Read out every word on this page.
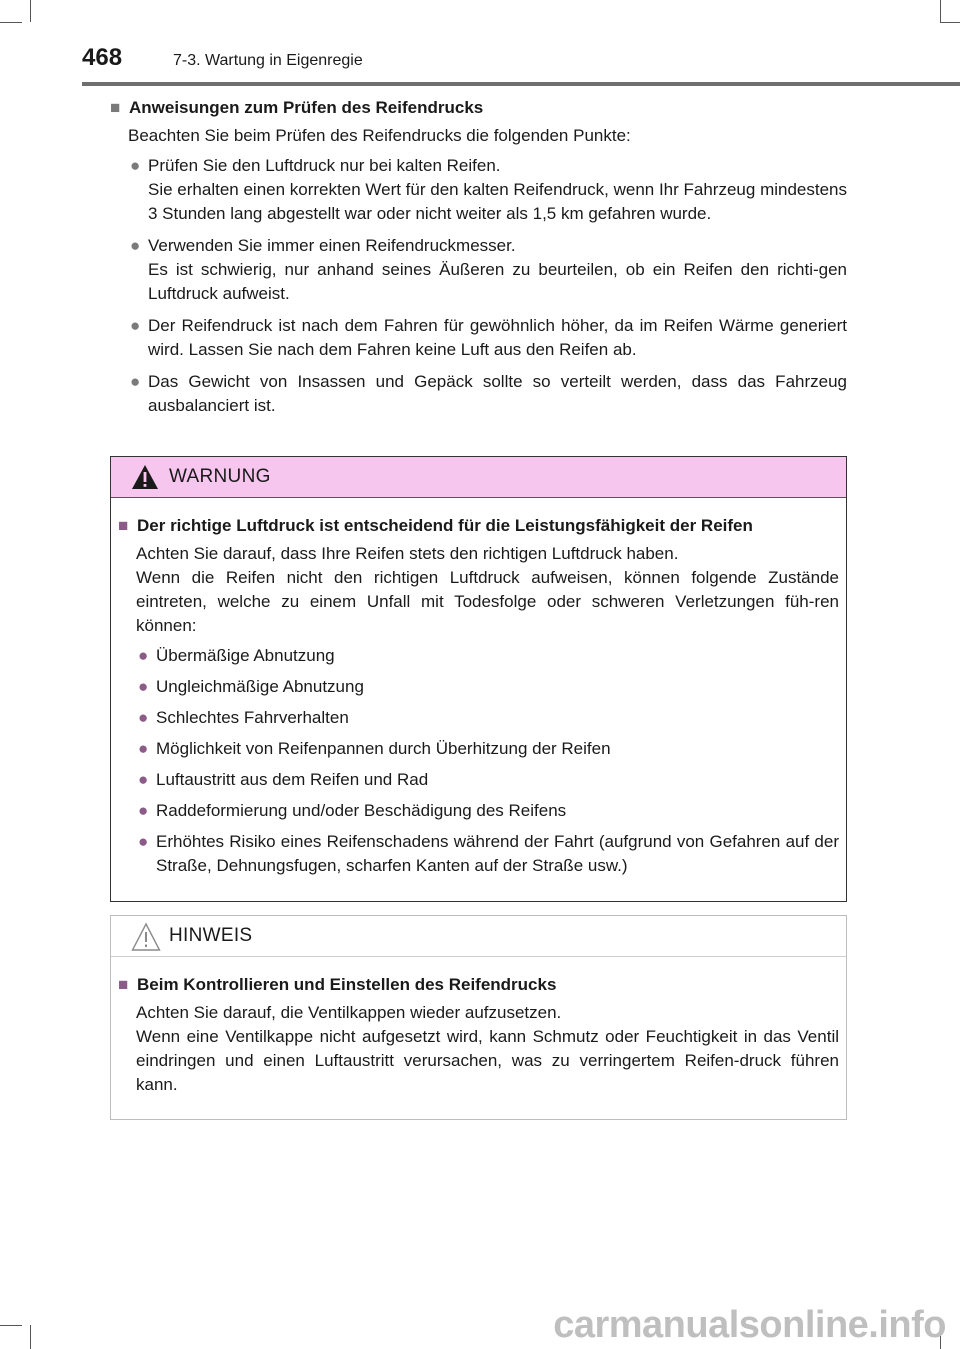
468	7-3. Wartung in Eigenregie
■ Anweisungen zum Prüfen des Reifendrucks
Beachten Sie beim Prüfen des Reifendrucks die folgenden Punkte:
● Prüfen Sie den Luftdruck nur bei kalten Reifen.

Sie erhalten einen korrekten Wert für den kalten Reifendruck, wenn Ihr Fahrzeug mindestens 3 Stunden lang abgestellt war oder nicht weiter als 1,5 km gefahren wurde.

● Verwenden Sie immer einen Reifendruckmesser.

Es ist schwierig, nur anhand seines Äußeren zu beurteilen, ob ein Reifen den richti-gen Luftdruck aufweist.

● Der Reifendruck ist nach dem Fahren für gewöhnlich höher, da im Reifen Wärme generiert wird. Lassen Sie nach dem Fahren keine Luft aus den Reifen ab.

● Das Gewicht von Insassen und Gepäck sollte so verteilt werden, dass das Fahrzeug ausbalanciert ist.

WARNUNG
■ Der richtige Luftdruck ist entscheidend für die Leistungsfähigkeit der Reifen

Achten Sie darauf, dass Ihre Reifen stets den richtigen Luftdruck haben.

Wenn die Reifen nicht den richtigen Luftdruck aufweisen, können folgende Zustände eintreten, welche zu einem Unfall mit Todesfolge oder schweren Verletzungen füh-ren können:

● Übermäßige Abnutzung

● Ungleichmäßige Abnutzung

● Schlechtes Fahrverhalten

● Möglichkeit von Reifenpannen durch Überhitzung der Reifen

● Luftaustritt aus dem Reifen und Rad

● Raddeformierung und/oder Beschädigung des Reifens

● Erhöhtes Risiko eines Reifenschadens während der Fahrt (aufgrund von Gefahren auf der Straße, Dehnungsfugen, scharfen Kanten auf der Straße usw.)

HINWEIS
■ Beim Kontrollieren und Einstellen des Reifendrucks

Achten Sie darauf, die Ventilkappen wieder aufzusetzen.

Wenn eine Ventilkappe nicht aufgesetzt wird, kann Schmutz oder Feuchtigkeit in das Ventil eindringen und einen Luftaustritt verursachen, was zu verringertem Reifen-druck führen kann.

carmanualsonline.info
